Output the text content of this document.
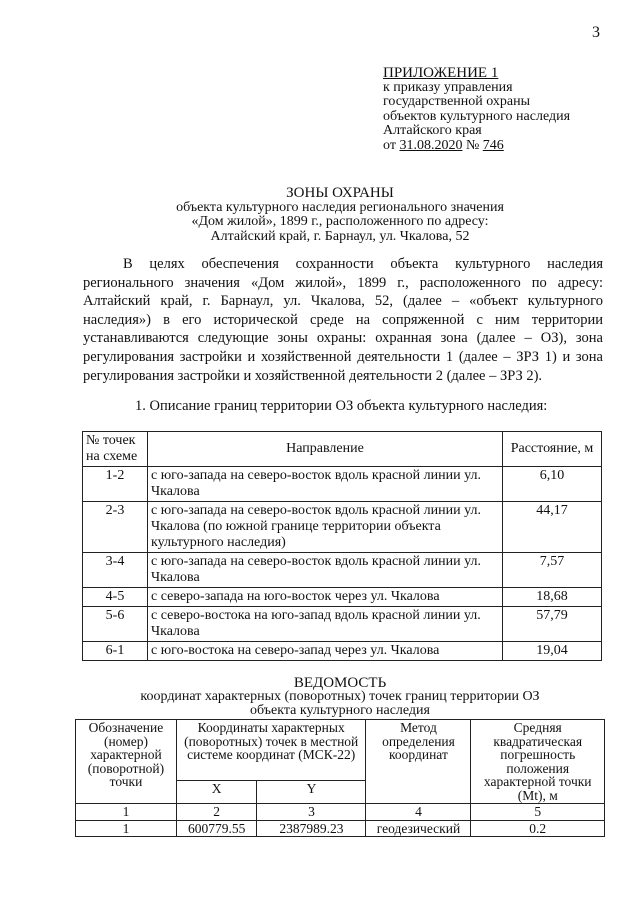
3
ПРИЛОЖЕНИЕ 1
к приказу управления
государственной охраны
объектов культурного наследия
Алтайского края
от 31.08.2020 № 746
ЗОНЫ ОХРАНЫ
объекта культурного наследия регионального значения
«Дом жилой», 1899 г., расположенного по адресу:
Алтайский край, г. Барнаул, ул. Чкалова, 52
В целях обеспечения сохранности объекта культурного наследия регионального значения «Дом жилой», 1899 г., расположенного по адресу: Алтайский край, г. Барнаул, ул. Чкалова, 52, (далее – «объект культурного наследия») в его исторической среде на сопряженной с ним территории устанавливаются следующие зоны охраны: охранная зона (далее – ОЗ), зона регулирования застройки и хозяйственной деятельности 1 (далее – ЗРЗ 1) и зона регулирования застройки и хозяйственной деятельности 2 (далее – ЗРЗ 2).
1. Описание границ территории ОЗ объекта культурного наследия:
№ точек на схеме	Направление	Расстояние, м
1-2	с юго-запада на северо-восток вдоль красной линии ул. Чкалова	6,10
2-3	с юго-запада на северо-восток вдоль красной линии ул. Чкалова (по южной границе территории объекта культурного наследия)	44,17
3-4	с юго-запада на северо-восток вдоль красной линии ул. Чкалова	7,57
4-5	с северо-запада на юго-восток через ул. Чкалова	18,68
5-6	с северо-востока на юго-запад вдоль красной линии ул. Чкалова	57,79
6-1	с юго-востока на северо-запад через ул. Чкалова	19,04
ВЕДОМОСТЬ
координат характерных (поворотных) точек границ территории ОЗ
объекта культурного наследия
Обозначение (номер) характерной (поворотной) точки	Координаты характерных (поворотных) точек в местной системе координат (МСК-22)		Метод определения координат	Средняя квадратическая погрешность положения характерной точки (Mt), м
	X	Y		
1	2	3	4	5
1	600779.55	2387989.23	геодезический	0.2
